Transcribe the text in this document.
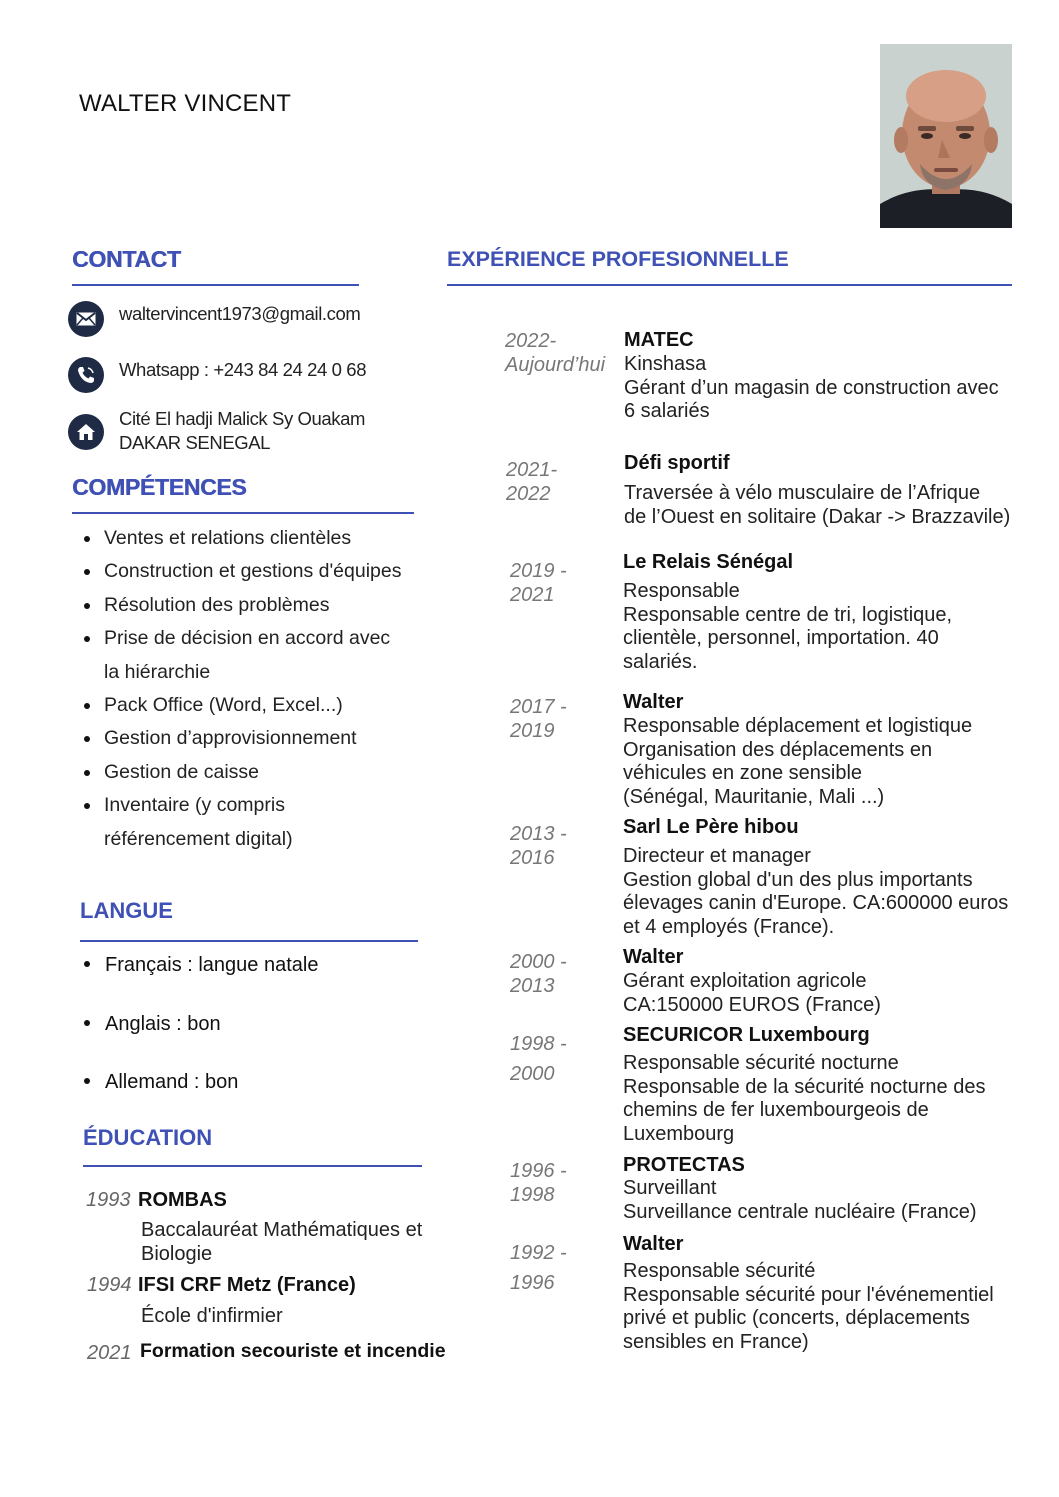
WALTER VINCENT
CONTACT
waltervincent1973@gmail.com
Whatsapp : +243 84 24 24 0 68
Cité El hadji Malick Sy Ouakam
DAKAR SENEGAL
COMPÉTENCES
Ventes et relations clientèles
Construction et gestions d'équipes
Résolution des problèmes
Prise de décision en accord avec la hiérarchie
Pack Office (Word, Excel...)
Gestion d’approvisionnement
Gestion de caisse
Inventaire (y compris référencement digital)
LANGUE
Français : langue natale
Anglais : bon
Allemand : bon
ÉDUCATION
1993 ROMBAS
Baccalauréat Mathématiques et
Biologie
1994 IFSI CRF Metz (France)
École d'infirmier
2021 Formation secouriste et incendie
EXPÉRIENCE PROFESIONNELLE
2022-
Aujourd’hui
MATEC
Kinshasa
Gérant d’un magasin de construction avec
6 salariés
2021-
2022
Défi sportif
Traversée à vélo musculaire de l’Afrique
de l’Ouest en solitaire (Dakar -> Brazzavile)
2019 -
2021
Le Relais Sénégal
Responsable
Responsable centre de tri, logistique,
clientèle, personnel, importation. 40
salariés.
2017 -
2019
Walter
Responsable déplacement et logistique
Organisation des déplacements en
véhicules en zone sensible
(Sénégal, Mauritanie, Mali ...)
2013 -
2016
Sarl Le Père hibou
Directeur et manager
Gestion global d'un des plus importants
élevages canin d'Europe. CA:600000 euros
et 4 employés (France).
2000 -
2013
Walter
Gérant exploitation agricole
CA:150000 EUROS (France)
1998 -
2000
SECURICOR Luxembourg
Responsable sécurité nocturne
Responsable de la sécurité nocturne des
chemins de fer luxembourgeois de
Luxembourg
1996 -
1998
PROTECTAS
Surveillant
Surveillance centrale nucléaire (France)
1992 -
1996
Walter
Responsable sécurité
Responsable sécurité pour l'événementiel
privé et public (concerts, déplacements
sensibles en France)
